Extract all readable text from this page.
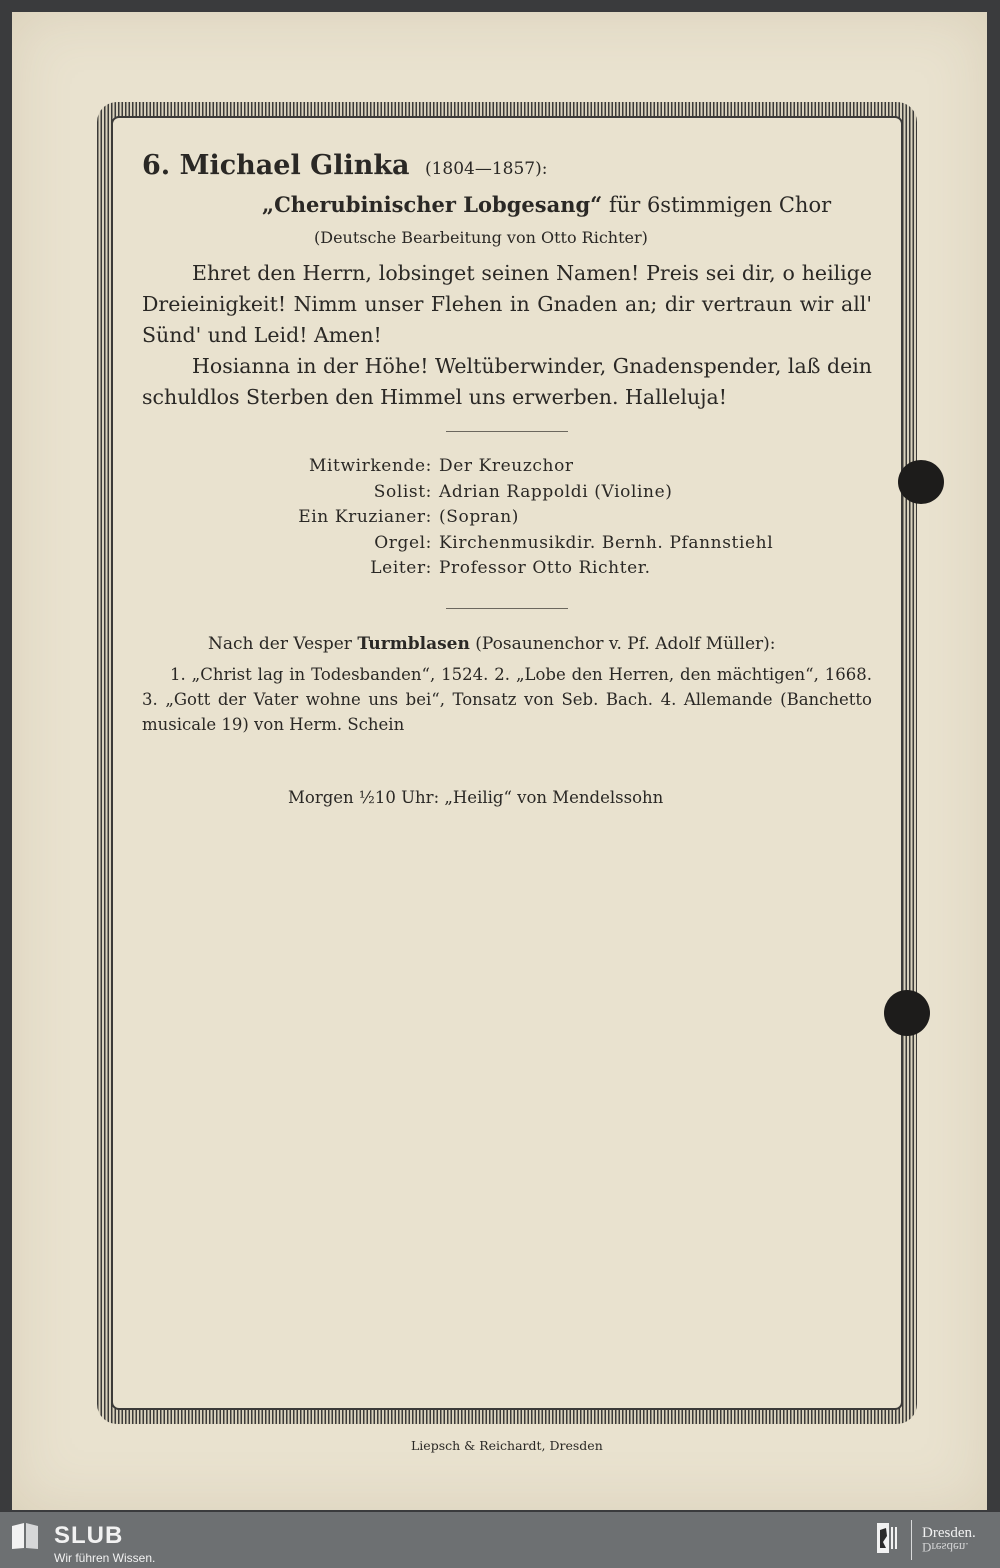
6. Michael Glinka (1804—1857):
„Cherubinischer Lobgesang“ für 6stimmigen Chor
(Deutsche Bearbeitung von Otto Richter)

Ehret den Herrn, lobsinget seinen Namen! Preis sei dir, o heilige Dreieinigkeit! Nimm unser Flehen in Gnaden an; dir vertraun wir all' Sünd' und Leid! Amen!

Hosianna in der Höhe! Weltüberwinder, Gnadenspender, laß dein schuldlos Sterben den Himmel uns erwerben. Halleluja!

Mitwirkende: Der Kreuzchor
Solist: Adrian Rappoldi (Violine)
Ein Kruzianer: (Sopran)
Orgel: Kirchenmusikdir. Bernh. Pfannstiehl
Leiter: Professor Otto Richter.
Nach der Vesper Turmblasen (Posaunenchor v. Pf. Adolf Müller):

1. „Christ lag in Todesbanden“, 1524. 2. „Lobe den Herren, den mächtigen“, 1668. 3. „Gott der Vater wohne uns bei“, Tonsatz von Seb. Bach. 4. Allemande (Banchetto musicale 19) von Herm. Schein

Morgen ½10 Uhr: „Heilig“ von Mendelssohn
Liepsch & Reichardt, Dresden
SLUB
Wir führen Wissen.
Dresden.
Dresden.
